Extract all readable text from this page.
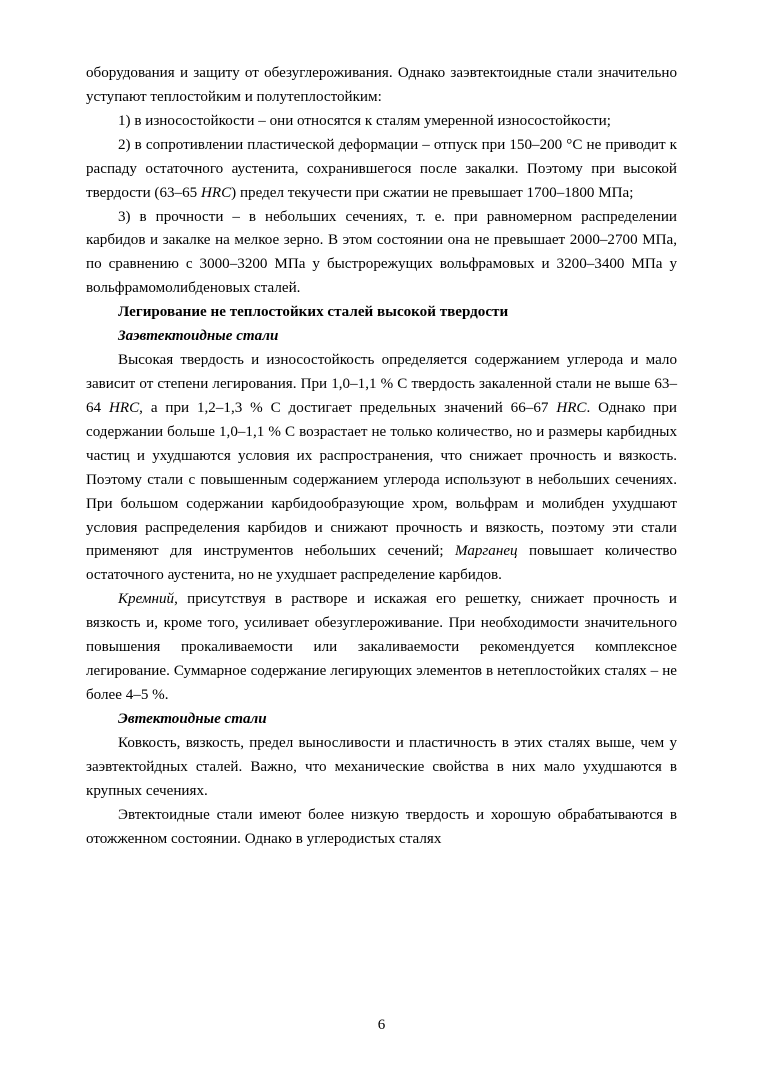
оборудования и защиту от обезуглероживания. Однако заэвтектоидные стали значительно уступают теплостойким и полутеплостойким:

1) в износостойкости – они относятся к сталям умеренной износостойкости;

2) в сопротивлении пластической деформации – отпуск при 150–200 °С не приводит к распаду остаточного аустенита, сохранившегося после закалки. Поэтому при высокой твердости (63–65 HRC) предел текучести при сжатии не превышает 1700–1800 МПа;

3) в прочности – в небольших сечениях, т. е. при равномерном распределении карбидов и закалке на мелкое зерно. В этом состоянии она не превышает 2000–2700 МПа, по сравнению с 3000–3200 МПа у быстрорежущих вольфрамовых и 3200–3400 МПа у вольфрамомолибденовых сталей.

Легирование не теплостойких сталей высокой твердости

Заэвтектоидные стали

Высокая твердость и износостойкость определяется содержанием углерода и мало зависит от степени легирования. При 1,0–1,1 % С твердость закаленной стали не выше 63–64 HRC, а при 1,2–1,3 % С достигает предельных значений 66–67 HRC. Однако при содержании больше 1,0–1,1 % С возрастает не только количество, но и размеры карбидных частиц и ухудшаются условия их распространения, что снижает прочность и вязкость. Поэтому стали с повышенным содержанием углерода используют в небольших сечениях. При большом содержании карбидообразующие хром, вольфрам и молибден ухудшают условия распределения карбидов и снижают прочность и вязкость, поэтому эти стали применяют для инструментов небольших сечений; Марганец повышает количество остаточного аустенита, но не ухудшает распределение карбидов.

Кремний, присутствуя в растворе и искажая его решетку, снижает прочность и вязкость и, кроме того, усиливает обезуглероживание. При необходимости значительного повышения прокаливаемости или закаливаемости рекомендуется комплексное легирование. Суммарное содержание легирующих элементов в нетеплостойких сталях – не более 4–5 %.

Эвтектоидные стали

Ковкость, вязкость, предел выносливости и пластичность в этих сталях выше, чем у заэвтектойдных сталей. Важно, что механические свойства в них мало ухудшаются в крупных сечениях.

Эвтектоидные стали имеют более низкую твердость и хорошую обрабатываются в отожженном состоянии. Однако в углеродистых сталях

6
